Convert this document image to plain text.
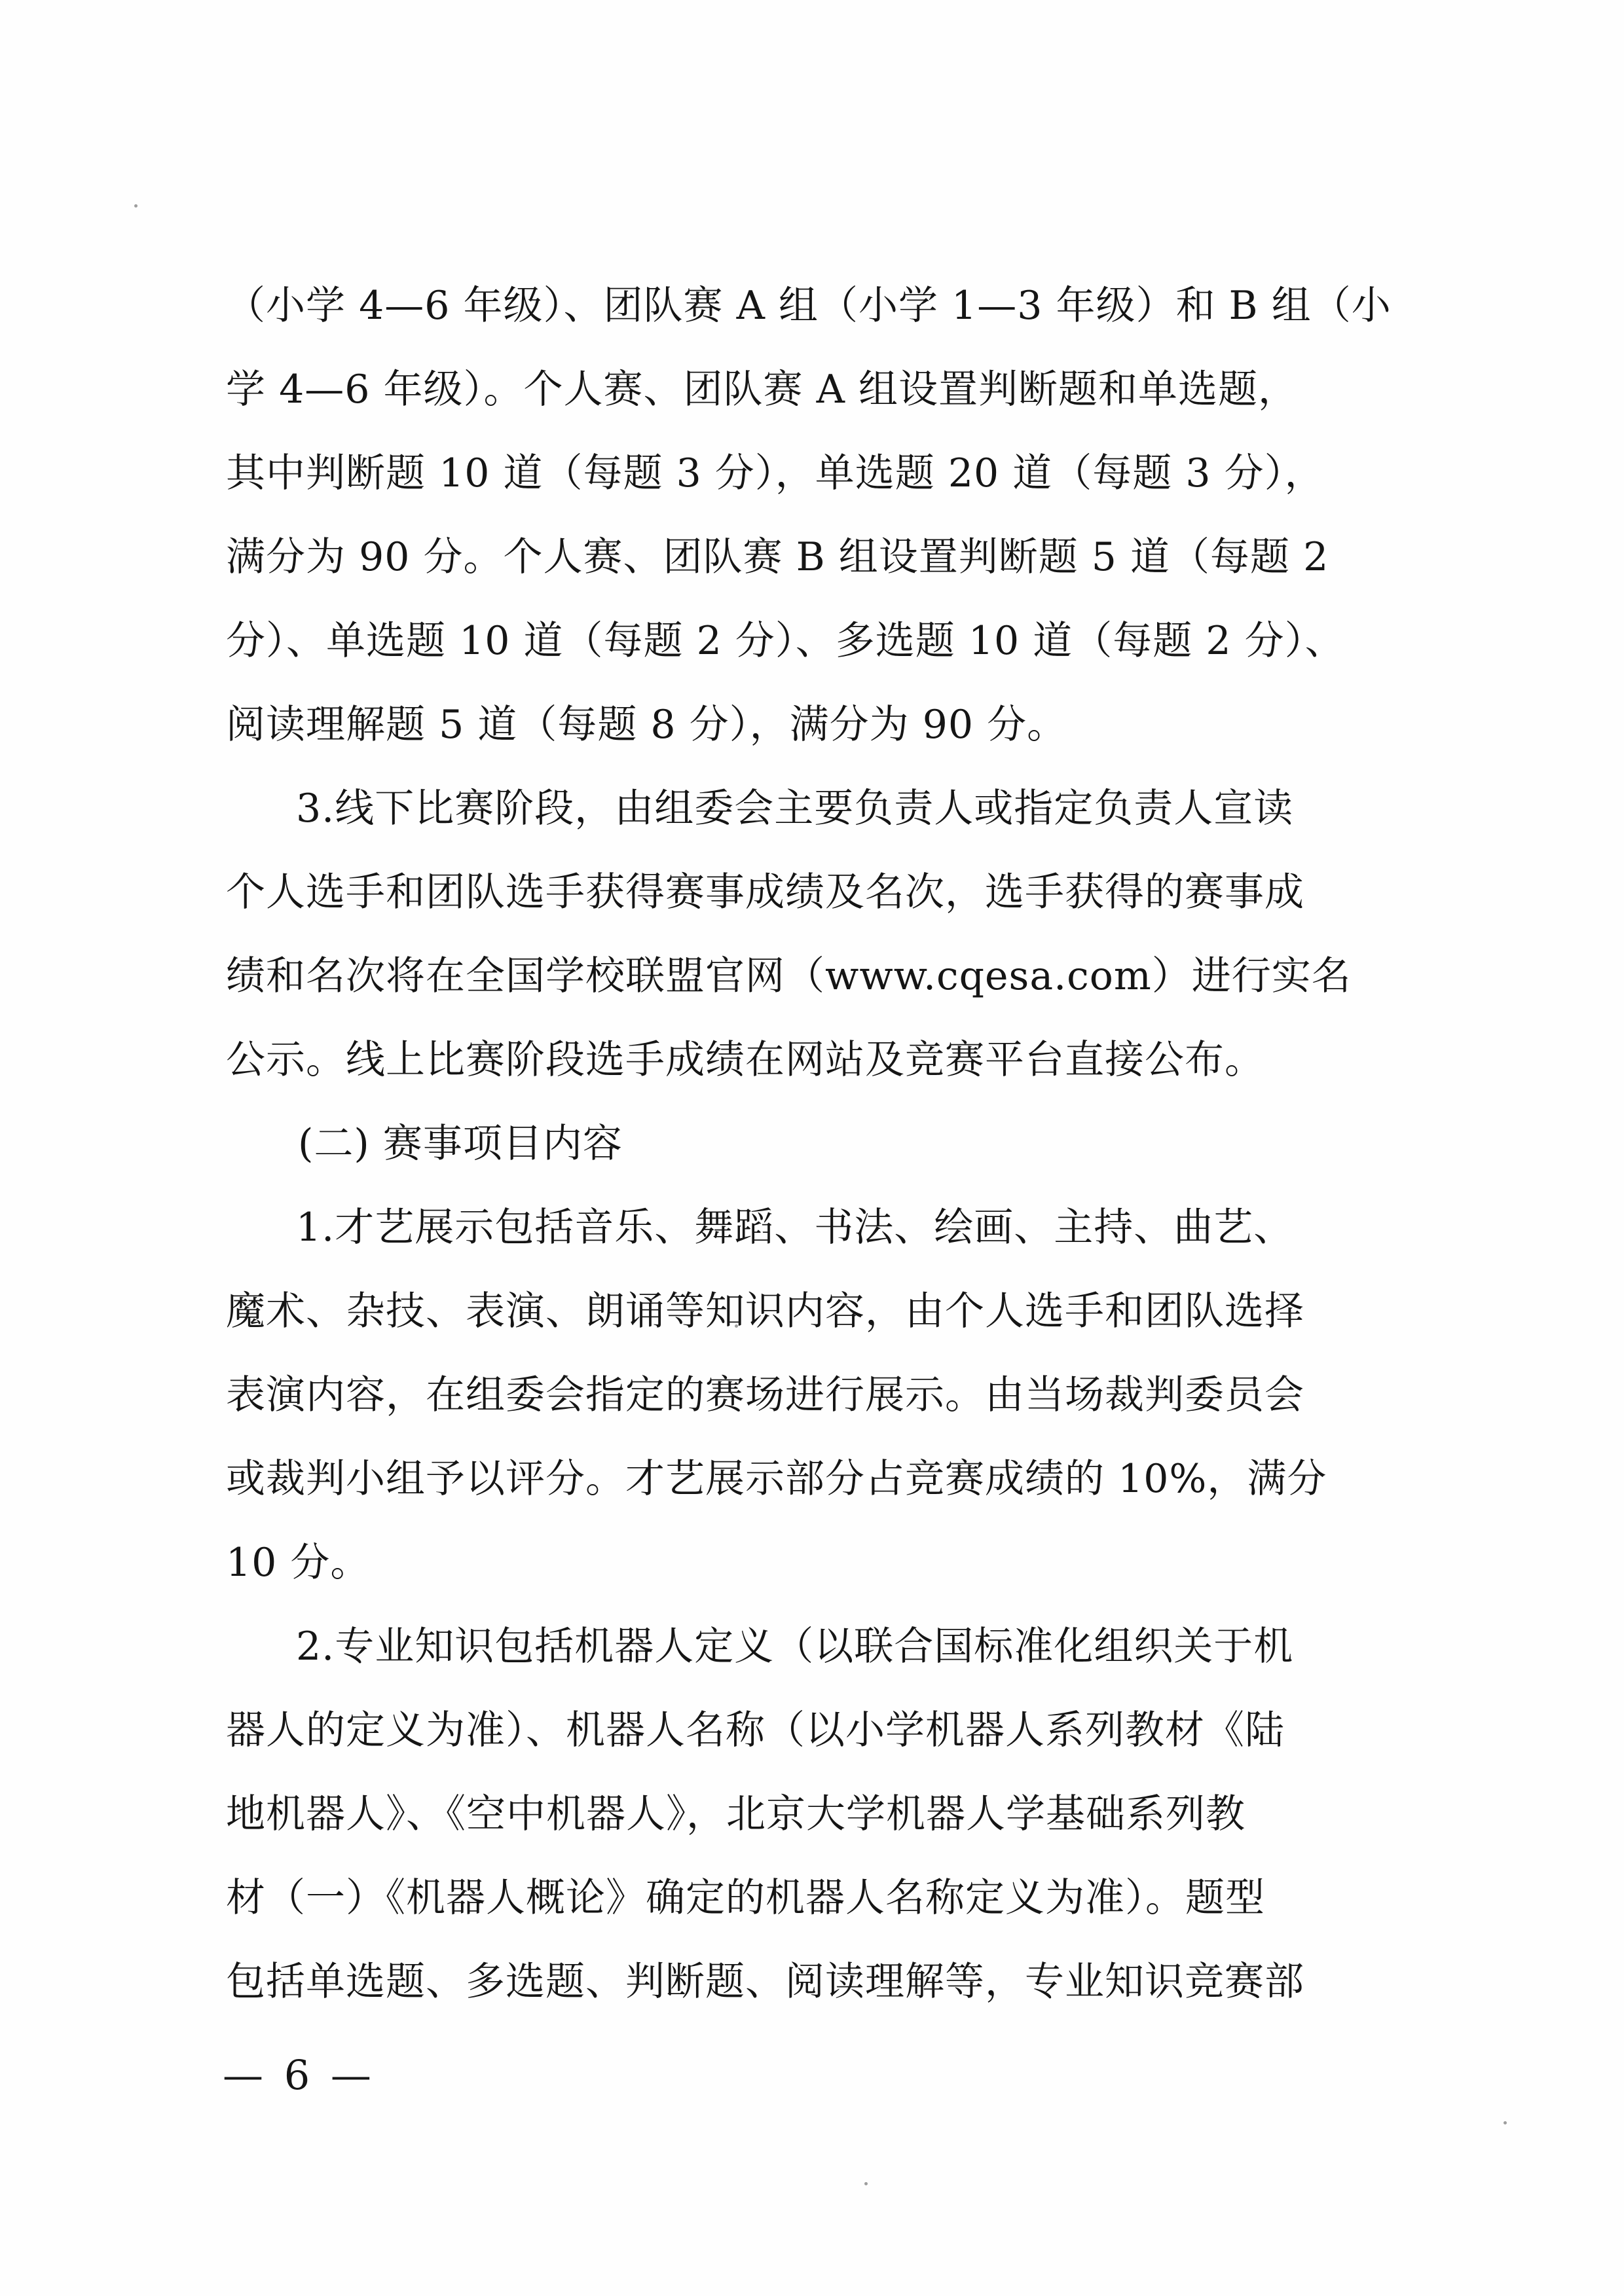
（小学 4—6 年级）、团队赛 A 组（小学 1—3 年级）和 B 组（小
学 4—6 年级）。个人赛、团队赛 A 组设置判断题和单选题，
其中判断题 10 道（每题 3 分），单选题 20 道（每题 3 分），
满分为 90 分。个人赛、团队赛 B 组设置判断题 5 道（每题 2
分）、单选题 10 道（每题 2 分）、多选题 10 道（每题 2 分）、
阅读理解题 5 道（每题 8 分），满分为 90 分。
3.线下比赛阶段，由组委会主要负责人或指定负责人宣读
个人选手和团队选手获得赛事成绩及名次，选手获得的赛事成
绩和名次将在全国学校联盟官网（www.cqesa.com）进行实名
公示。线上比赛阶段选手成绩在网站及竞赛平台直接公布。
(二) 赛事项目内容
1.才艺展示包括音乐、舞蹈、书法、绘画、主持、曲艺、
魔术、杂技、表演、朗诵等知识内容，由个人选手和团队选择
表演内容，在组委会指定的赛场进行展示。由当场裁判委员会
或裁判小组予以评分。才艺展示部分占竞赛成绩的 10%，满分
10 分。
2.专业知识包括机器人定义（以联合国标准化组织关于机
器人的定义为准）、机器人名称（以小学机器人系列教材《陆
地机器人》、《空中机器人》，北京大学机器人学基础系列教
材（一）《机器人概论》确定的机器人名称定义为准）。题型
包括单选题、多选题、判断题、阅读理解等，专业知识竞赛部
— 6 —
